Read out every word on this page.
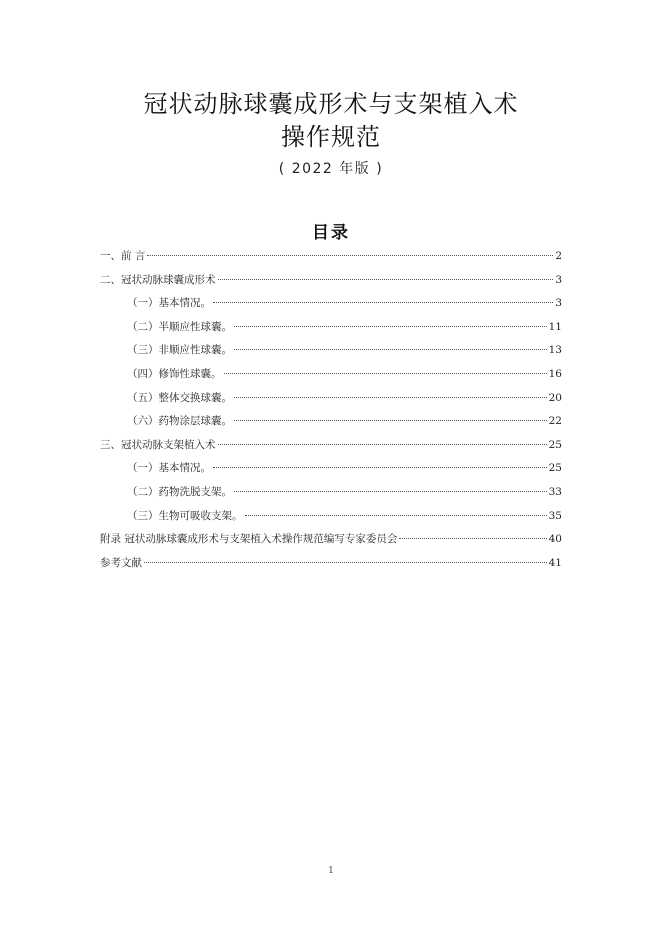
冠状动脉球囊成形术与支架植入术
操作规范
( 2022 年版 )
目录
一、前 言	2
二、冠状动脉球囊成形术	3
（一）基本情况。	3
（二）半顺应性球囊。	11
（三）非顺应性球囊。	13
（四）修饰性球囊。	16
（五）整体交换球囊。	20
（六）药物涂层球囊。	22
三、冠状动脉支架植入术	25
（一）基本情况。	25
（二）药物洗脱支架。	33
（三）生物可吸收支架。	35
附录 冠状动脉球囊成形术与支架植入术操作规范编写专家委员会	40
参考文献	41
1
